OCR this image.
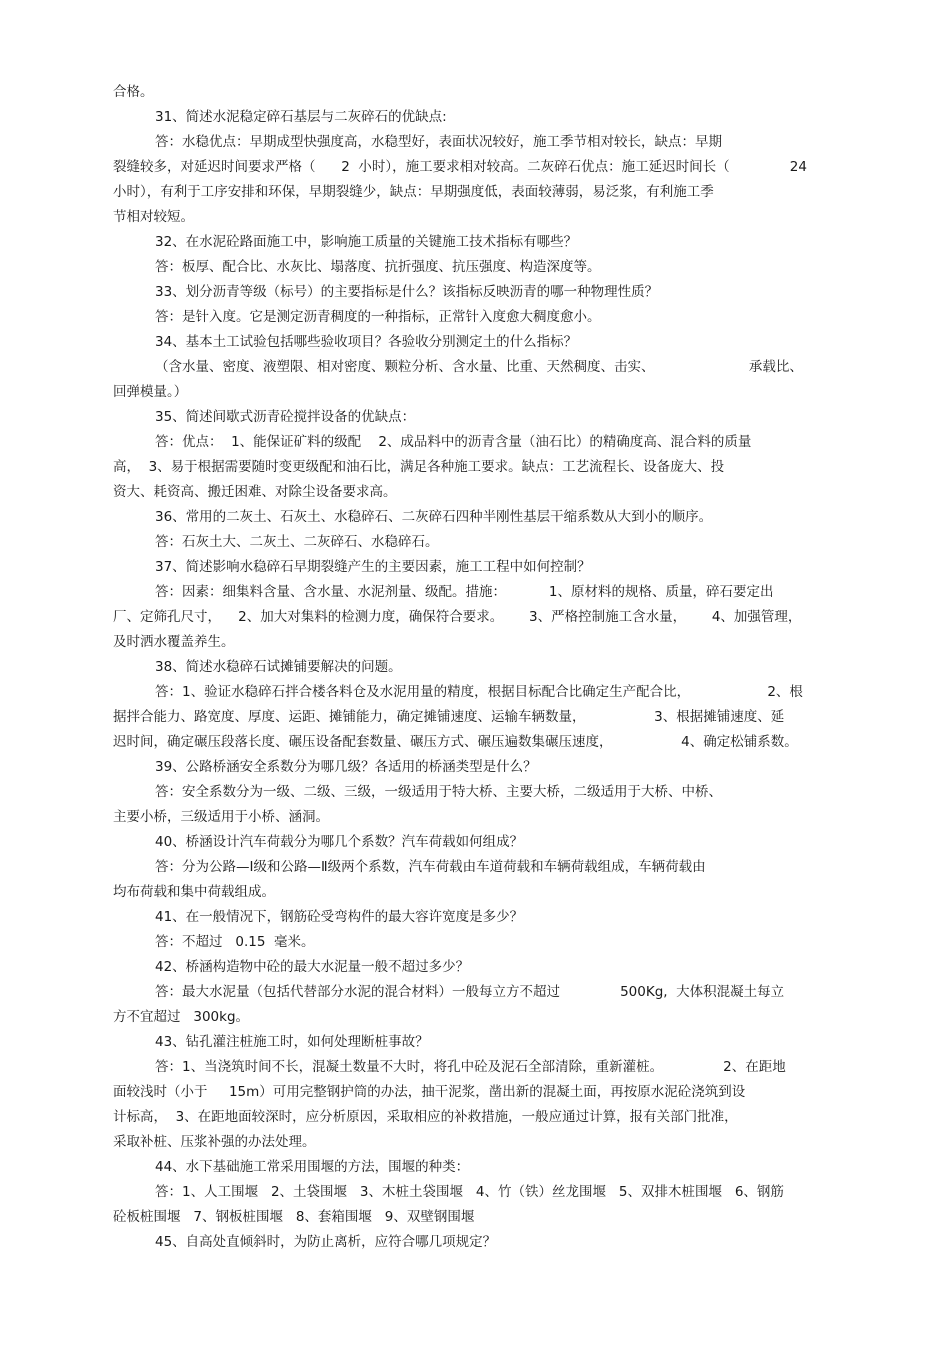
合格。
31、简述水泥稳定碎石基层与二灰碎石的优缺点:
答：水稳优点：早期成型快强度高，水稳型好，表面状况较好，施工季节相对较长，缺点：早期
裂缝较多，对延迟时间要求严格（      2  小时），施工要求相对较高。二灰碎石优点：施工延迟时间长（              24
小时），有利于工序安排和环保，早期裂缝少，缺点：早期强度低，表面较薄弱，易泛浆，有利施工季
节相对较短。
32、在水泥砼路面施工中，影响施工质量的关键施工技术指标有哪些？
答：板厚、配合比、水灰比、塌落度、抗折强度、抗压强度、构造深度等。
33、划分沥青等级（标号）的主要指标是什么？该指标反映沥青的哪一种物理性质？
答：是针入度。它是测定沥青稠度的一种指标，正常针入度愈大稠度愈小。
34、基本土工试验包括哪些验收项目？各验收分别测定土的什么指标？
（含水量、密度、液塑限、相对密度、颗粒分析、含水量、比重、天然稠度、击实、                      承载比、
回弹模量。）
35、简述间歇式沥青砼搅拌设备的优缺点：
答：优点：  1、能保证矿料的级配    2、成品料中的沥青含量（油石比）的精确度高、混合料的质量
高，  3、易于根据需要随时变更级配和油石比，满足各种施工要求。缺点：工艺流程长、设备庞大、投
资大、耗资高、搬迁困难、对除尘设备要求高。
36、常用的二灰土、石灰土、水稳碎石、二灰碎石四种半刚性基层干缩系数从大到小的顺序。
答：石灰土大、二灰土、二灰碎石、水稳碎石。
37、简述影响水稳碎石早期裂缝产生的主要因素，施工工程中如何控制？
答：因素：细集料含量、含水量、水泥剂量、级配。措施：          1、原材料的规格、质量，碎石要定出
厂、定筛孔尺寸，    2、加大对集料的检测力度，确保符合要求。      3、严格控制施工含水量，      4、加强管理，
及时洒水覆盖养生。
38、简述水稳碎石试摊铺要解决的问题。
答：1、验证水稳碎石拌合楼各料仓及水泥用量的精度，根据目标配合比确定生产配合比，                  2、根
据拌合能力、路宽度、厚度、运距、摊铺能力，确定摊铺速度、运输车辆数量，                3、根据摊铺速度、延
迟时间，确定碾压段落长度、碾压设备配套数量、碾压方式、碾压遍数集碾压速度，                4、确定松铺系数。
39、公路桥涵安全系数分为哪几级？各适用的桥涵类型是什么？
答：安全系数分为一级、二级、三级，一级适用于特大桥、主要大桥，二级适用于大桥、中桥、
主要小桥，三级适用于小桥、涵洞。
40、桥涵设计汽车荷载分为哪几个系数？汽车荷载如何组成？
答：分为公路—Ⅰ级和公路—Ⅱ级两个系数，汽车荷载由车道荷载和车辆荷载组成，车辆荷载由
均布荷载和集中荷载组成。
41、在一般情况下，钢筋砼受弯构件的最大容许宽度是多少？
答：不超过   0.15  毫米。
42、桥涵构造物中砼的最大水泥量一般不超过多少？
答：最大水泥量（包括代替部分水泥的混合材料）一般每立方不超过              500Kg,  大体积混凝土每立
方不宜超过   300kg。
43、钻孔灌注桩施工时，如何处理断桩事故？
答：1、当浇筑时间不长，混凝土数量不大时，将孔中砼及泥石全部清除，重新灌桩。              2、在距地
面较浅时（小于     15m）可用完整钢护筒的办法，抽干泥浆，凿出新的混凝土面，再按原水泥砼浇筑到设
计标高，  3、在距地面较深时，应分析原因，采取相应的补救措施，一般应通过计算，报有关部门批准，
采取补桩、压浆补强的办法处理。
44、水下基础施工常采用围堰的方法，围堰的种类：
答：1、人工围堰   2、土袋围堰   3、木桩土袋围堰   4、竹（铁）丝龙围堰   5、双排木桩围堰   6、钢筋
砼板桩围堰   7、钢板桩围堰   8、套箱围堰   9、双壁钢围堰
45、自高处直倾斜时，为防止离析，应符合哪几项规定？
